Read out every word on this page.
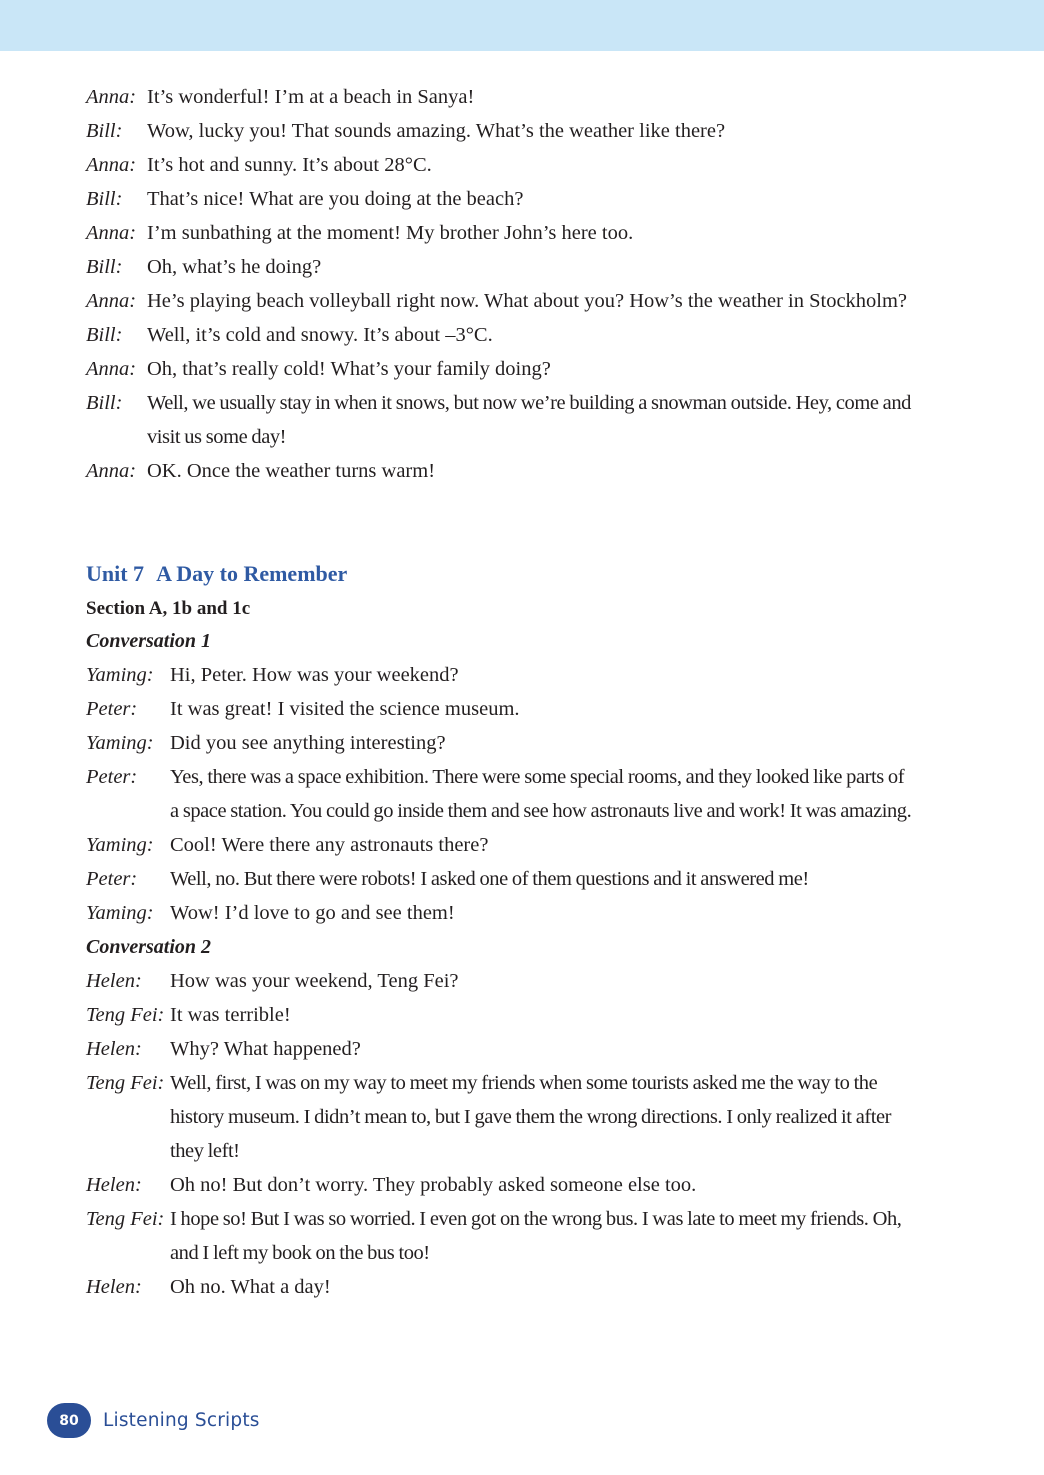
Anna: It’s wonderful! I’m at a beach in Sanya!
Bill:	Wow, lucky you! That sounds amazing. What’s the weather like there?
Anna: It’s hot and sunny. It’s about 28°C.
Bill:	That’s nice! What are you doing at the beach?
Anna: I’m sunbathing at the moment! My brother John’s here too.
Bill:	Oh, what’s he doing?
Anna: He’s playing beach volleyball right now. What about you? How’s the weather in Stockholm?
Bill:	Well, it’s cold and snowy. It’s about –3°C.
Anna: Oh, that’s really cold! What’s your family doing?
Bill:	Well, we usually stay in when it snows, but now we’re building a snowman outside. Hey, come and visit us some day!
Anna: OK. Once the weather turns warm!
Unit 7 A Day to Remember
Section A, 1b and 1c
Conversation 1
Yaming: Hi, Peter. How was your weekend?
Peter:	It was great! I visited the science museum.
Yaming: Did you see anything interesting?
Peter:	Yes, there was a space exhibition. There were some special rooms, and they looked like parts of a space station. You could go inside them and see how astronauts live and work! It was amazing.
Yaming: Cool! Were there any astronauts there?
Peter:	Well, no. But there were robots! I asked one of them questions and it answered me!
Yaming: Wow! I’d love to go and see them!
Conversation 2
Helen:	How was your weekend, Teng Fei?
Teng Fei: It was terrible!
Helen:	Why? What happened?
Teng Fei: Well, first, I was on my way to meet my friends when some tourists asked me the way to the history museum. I didn’t mean to, but I gave them the wrong directions. I only realized it after they left!
Helen:	Oh no! But don’t worry. They probably asked someone else too.
Teng Fei: I hope so! But I was so worried. I even got on the wrong bus. I was late to meet my friends. Oh, and I left my book on the bus too!
Helen:	Oh no. What a day!
80	Listening Scripts
